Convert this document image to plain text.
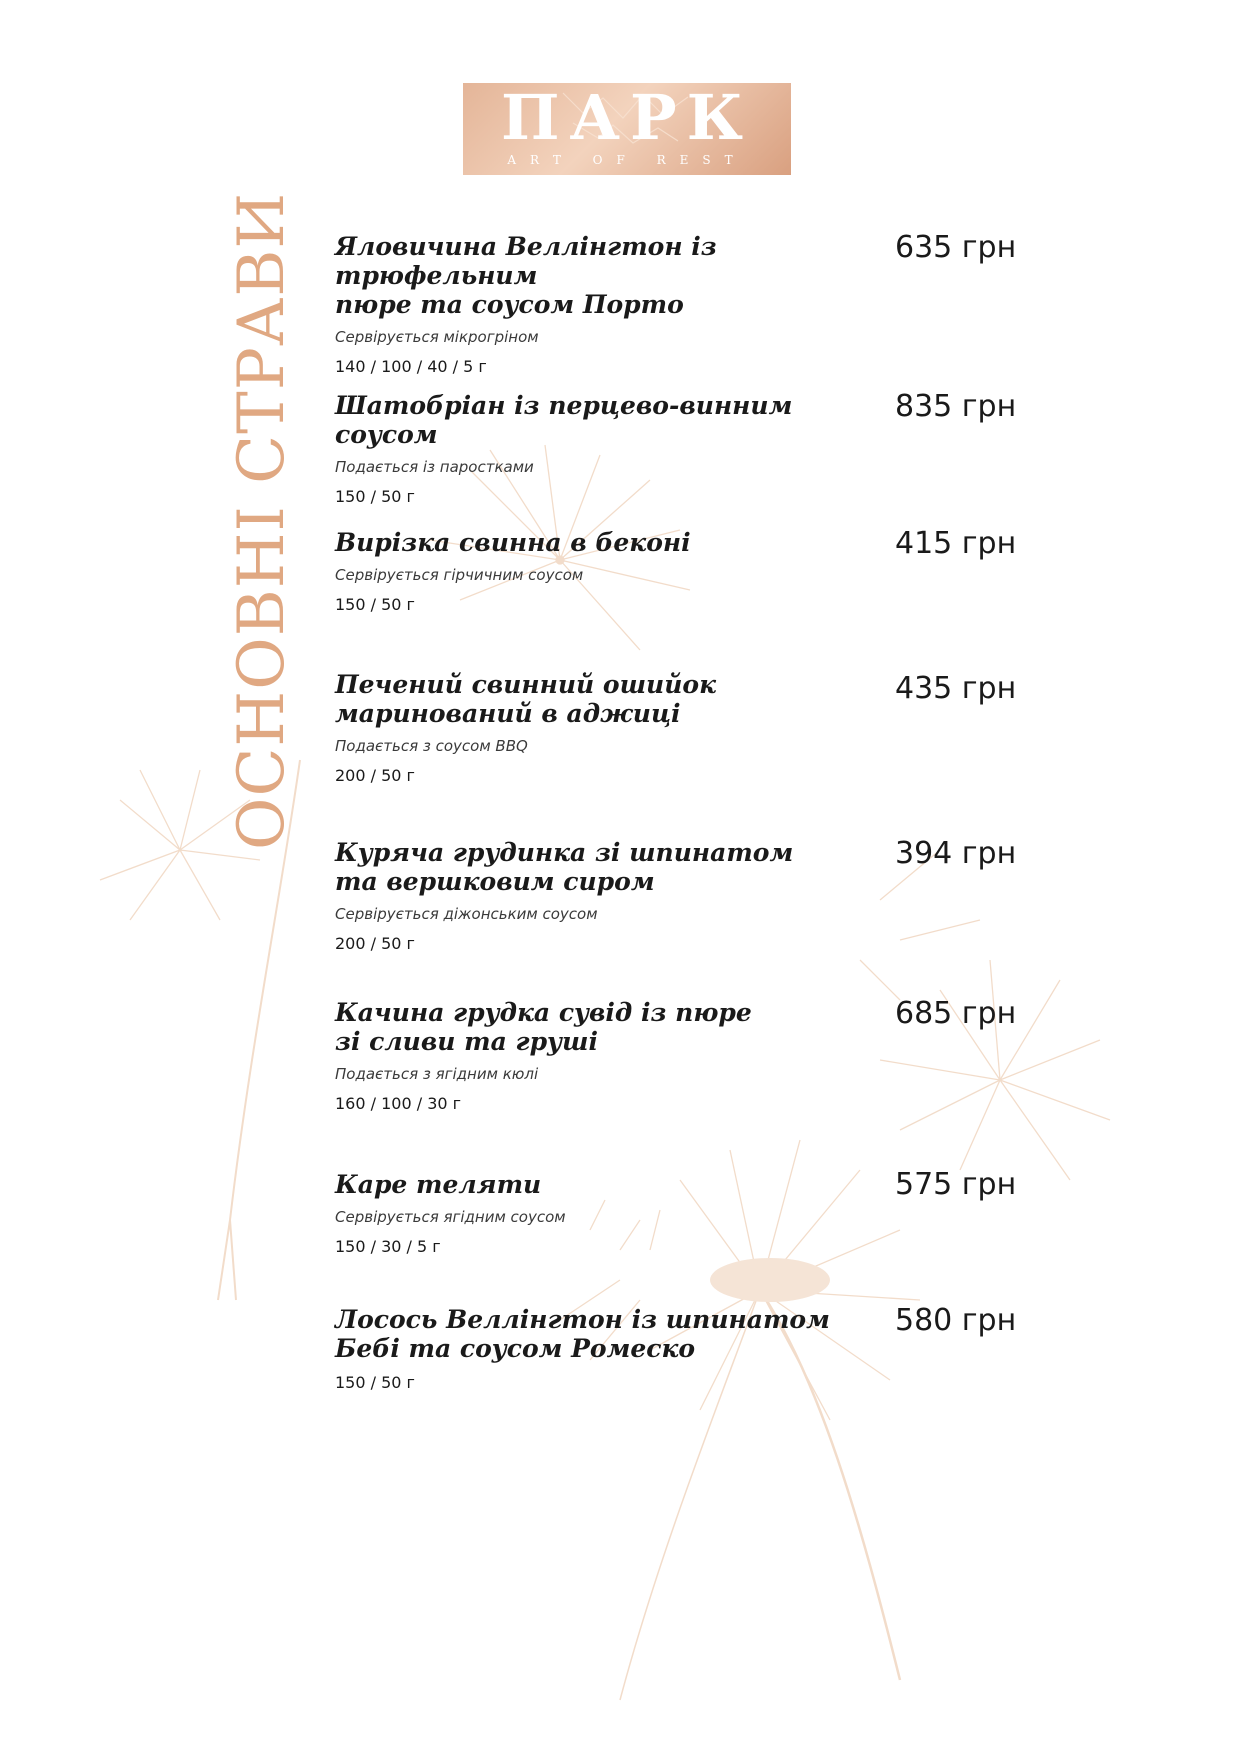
ПАРК
ART OF REST
ОСНОВНІ СТРАВИ Яловичина Веллінгтон із трюфельним
пюре та соусом Порто
Сервірується мікрогріном
140 / 100 / 40 / 5 г
635 грн
Шатобріан із перцево-винним соусом
Подається із паростками
150 / 50 г
835 грн
Вирізка свинна в беконі
Сервірується гірчичним соусом
150 / 50 г
415 грн
Печений свинний ошийок
маринований в аджиці
Подається з соусом BBQ
200 / 50 г
435 грн
Куряча грудинка зі шпинатом
та вершковим сиром
Сервірується діжонським соусом
200 / 50 г
394 грн
Качина грудка сувід із пюре
зі сливи та груші
Подається з ягідним кюлі
160 / 100 / 30 г
685 грн
Каре теляти
Сервірується ягідним соусом
150 / 30 / 5 г
575 грн
Лосось Веллінгтон із шпинатом
Бебі та соусом Ромеско
150 / 50 г
580 грн
